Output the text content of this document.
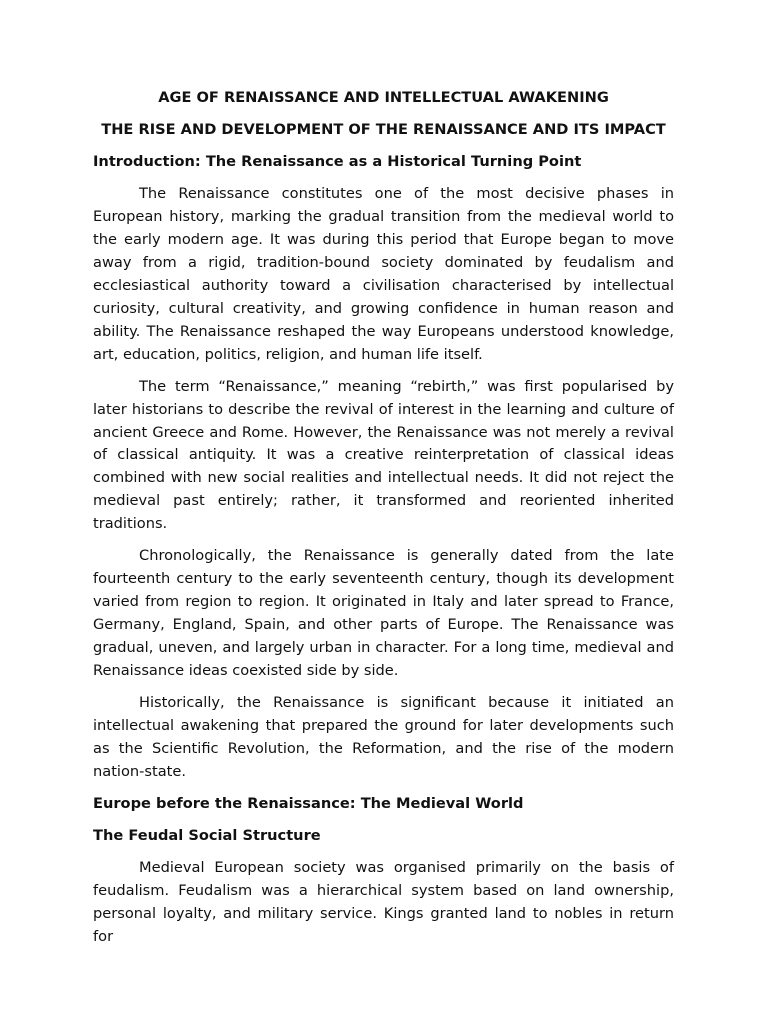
AGE OF RENAISSANCE AND INTELLECTUAL AWAKENING

THE RISE AND DEVELOPMENT OF THE RENAISSANCE AND ITS IMPACT

Introduction: The Renaissance as a Historical Turning Point

The Renaissance constitutes one of the most decisive phases in European history, marking the gradual transition from the medieval world to the early modern age. It was during this period that Europe began to move away from a rigid, tradition-bound society dominated by feudalism and ecclesiastical authority toward a civilisation characterised by intellectual curiosity, cultural creativity, and growing confidence in human reason and ability. The Renaissance reshaped the way Europeans understood knowledge, art, education, politics, religion, and human life itself.

The term “Renaissance,” meaning “rebirth,” was first popularised by later historians to describe the revival of interest in the learning and culture of ancient Greece and Rome. However, the Renaissance was not merely a revival of classical antiquity. It was a creative reinterpretation of classical ideas combined with new social realities and intellectual needs. It did not reject the medieval past entirely; rather, it transformed and reoriented inherited traditions.

Chronologically, the Renaissance is generally dated from the late fourteenth century to the early seventeenth century, though its development varied from region to region. It originated in Italy and later spread to France, Germany, England, Spain, and other parts of Europe. The Renaissance was gradual, uneven, and largely urban in character. For a long time, medieval and Renaissance ideas coexisted side by side.

Historically, the Renaissance is significant because it initiated an intellectual awakening that prepared the ground for later developments such as the Scientific Revolution, the Reformation, and the rise of the modern nation-state.

Europe before the Renaissance: The Medieval World

The Feudal Social Structure

Medieval European society was organised primarily on the basis of feudalism. Feudalism was a hierarchical system based on land ownership, personal loyalty, and military service. Kings granted land to nobles in return for
